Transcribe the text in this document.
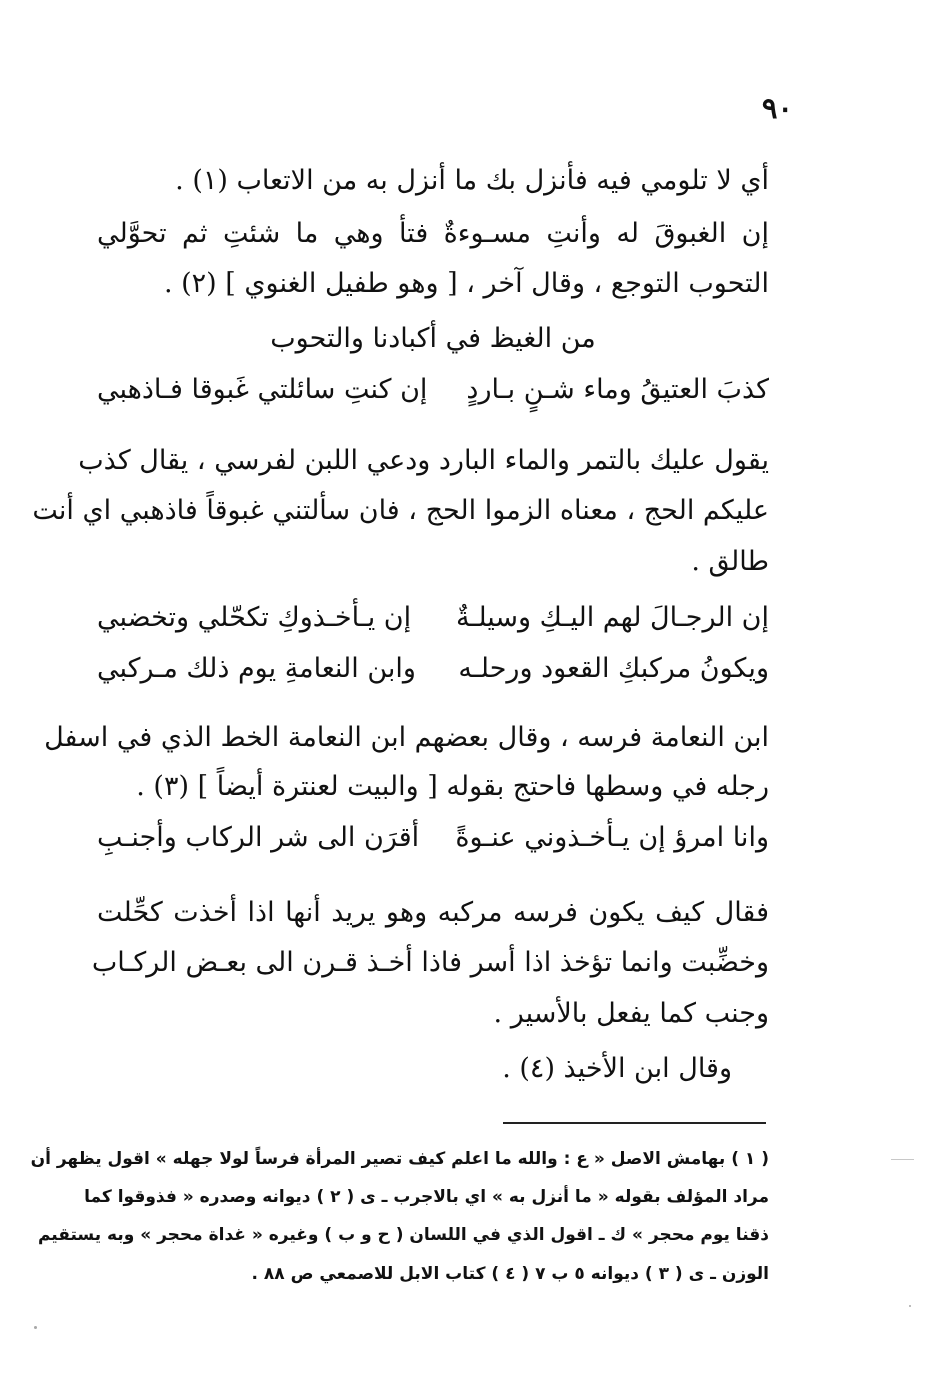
٩٠
أي لا تلومي فيه فأنزل بك ما أنزل به من الاتعاب (١) .
إن الغبوقَ له وأنتِ مسـوءةٌ فتأ وهي ما شئتِ ثم تحوَّلي
التحوب التوجع ، وقال آخر ، [ وهو طفيل الغنوي ] (٢) .
من الغيظ في أكبادنا والتحوب
كذبَ العتيقُ وماء شـنٍ بـاردٍ
إن كنتِ سائلتي غَبوقا فـاذهبي
يقول عليك بالتمر والماء البارد ودعي اللبن لفرسي ، يقال كذب
عليكم الحج ، معناه الزموا الحج ، فان سألتني غبوقاً فاذهبي اي أنت
طالق .
إن الرجـالَ لهم اليـكِ وسيلـةٌ
إن يـأخـذوكِ تكحّلي وتخضبي
ويكونُ مركبكِ القعود ورحلـه
وابن النعامةِ يوم ذلك مـركبي
ابن النعامة فرسه ، وقال بعضهم ابن النعامة الخط الذي في اسفل
رجله في وسطها فاحتج بقوله [ والبيت لعنترة أيضاً ] (٣) .
وانا امرؤ إن يـأخـذوني عنـوةً
أقرَن الى شر الركاب وأجنـبِ
فقال كيف يكون فرسه مركبه وهو يريد أنها اذا أخذت كحِّلت
وخضِّبت وانما تؤخذ اذا أسر فاذا أخـذ قـرن الى بعـض الركـاب
وجنب كما يفعل بالأسير .
وقال ابن الأخيذ (٤) .
( ١ ) بهامش الاصل « ع : والله ما اعلم كيف تصير المرأة فرساً لولا جهله » اقول يظهر أن
مراد المؤلف بقوله « ما أنزل به » اي بالاجرب ـ ى ( ٢ ) ديوانه وصدره « فذوقوا كما
ذقنا يوم محجر » ك ـ اقول الذي في اللسان ( ح و ب ) وغيره « غداة محجر » وبه يستقيم
الوزن ـ ى ( ٣ ) ديوانه ٥ ب ٧ ( ٤ ) كتاب الابل للاصمعي ص ٨٨ .
